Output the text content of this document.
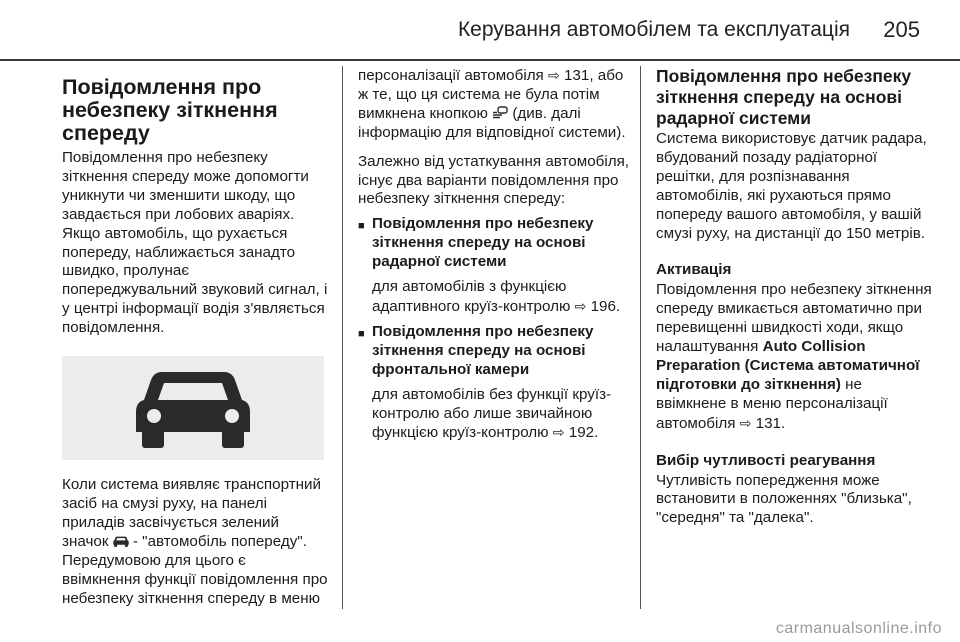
Керування автомобілем та експлуатація 205
Повідомлення про небезпеку зіткнення спереду

Повідомлення про небезпеку зіткнення спереду може допомогти уникнути чи зменшити шкоду, що завдається при лобових аваріях. Якщо автомобіль, що рухається попереду, наближається занадто швидко, пролунає попереджувальний звуковий сигнал, і у центрі інформації водія з'являється повідомлення.

Коли система виявляє транспортний засіб на смузі руху, на панелі приладів засвічується зелений значок  - "автомобіль попереду". Передумовою для цього є ввімкнення функції повідомлення про небезпеку зіткнення спереду в меню

персоналізації автомобіля ⇨ 131, або ж те, що ця система не була потім вимкнена кнопкою  (див. далі інформацію для відповідної системи).

Залежно від устаткування автомобіля, існує два варіанти повідомлення про небезпеку зіткнення спереду:

■ Повідомлення про небезпеку зіткнення спереду на основі радарної системи

для автомобілів з функцією адаптивного круїз-контролю ⇨ 196.

■ Повідомлення про небезпеку зіткнення спереду на основі фронтальної камери

для автомобілів без функції круїз-контролю або лише звичайною функцією круїз-контролю ⇨ 192.

Повідомлення про небезпеку зіткнення спереду на основі радарної системи

Система використовує датчик радара, вбудований позаду радіаторної решітки, для розпізнавання автомобілів, які рухаються прямо попереду вашого автомобіля, у вашій смузі руху, на дистанції до 150 метрів.

Активація

Повідомлення про небезпеку зіткнення спереду вмикається автоматично при перевищенні швидкості ходи, якщо налаштування Auto Collision Preparation (Система автоматичної підготовки до зіткнення) не ввімкнене в меню персоналізації автомобіля ⇨ 131.

Вибір чутливості реагування

Чутливість попередження може встановити в положеннях "близька", "середня" та "далека".

carmanualsonline.info
